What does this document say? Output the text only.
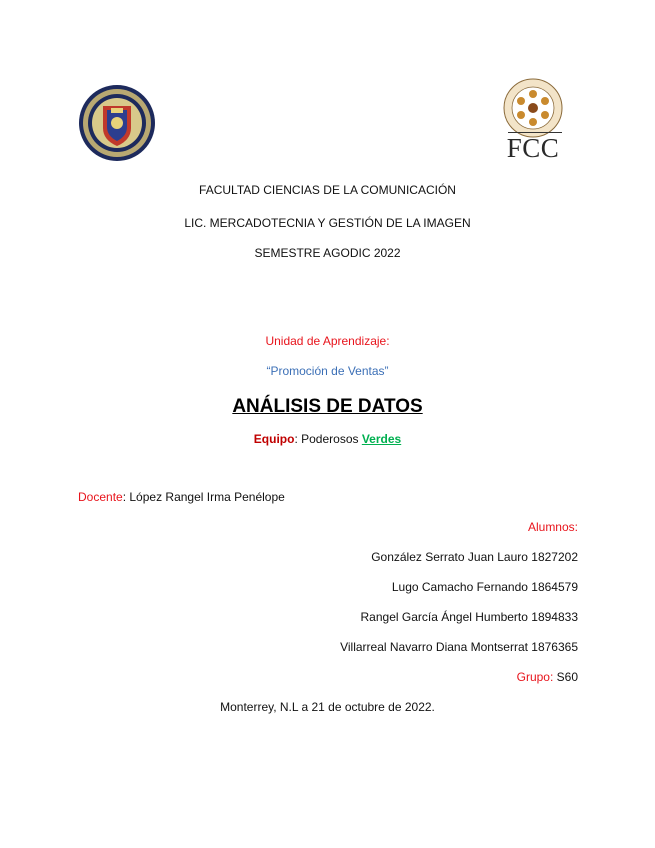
FCC
FACULTAD CIENCIAS DE LA COMUNICACIÓN
LIC. MERCADOTECNIA Y GESTIÓN DE LA IMAGEN
SEMESTRE AGODIC 2022
Unidad de Aprendizaje:
“Promoción de Ventas”
ANÁLISIS DE DATOS
Equipo: Poderosos Verdes
Docente: López Rangel Irma Penélope
Alumnos:
González Serrato Juan Lauro 1827202
Lugo Camacho Fernando 1864579
Rangel García Ángel Humberto 1894833
Villarreal Navarro Diana Montserrat 1876365
Grupo: S60
Monterrey, N.L a 21 de octubre de 2022.
